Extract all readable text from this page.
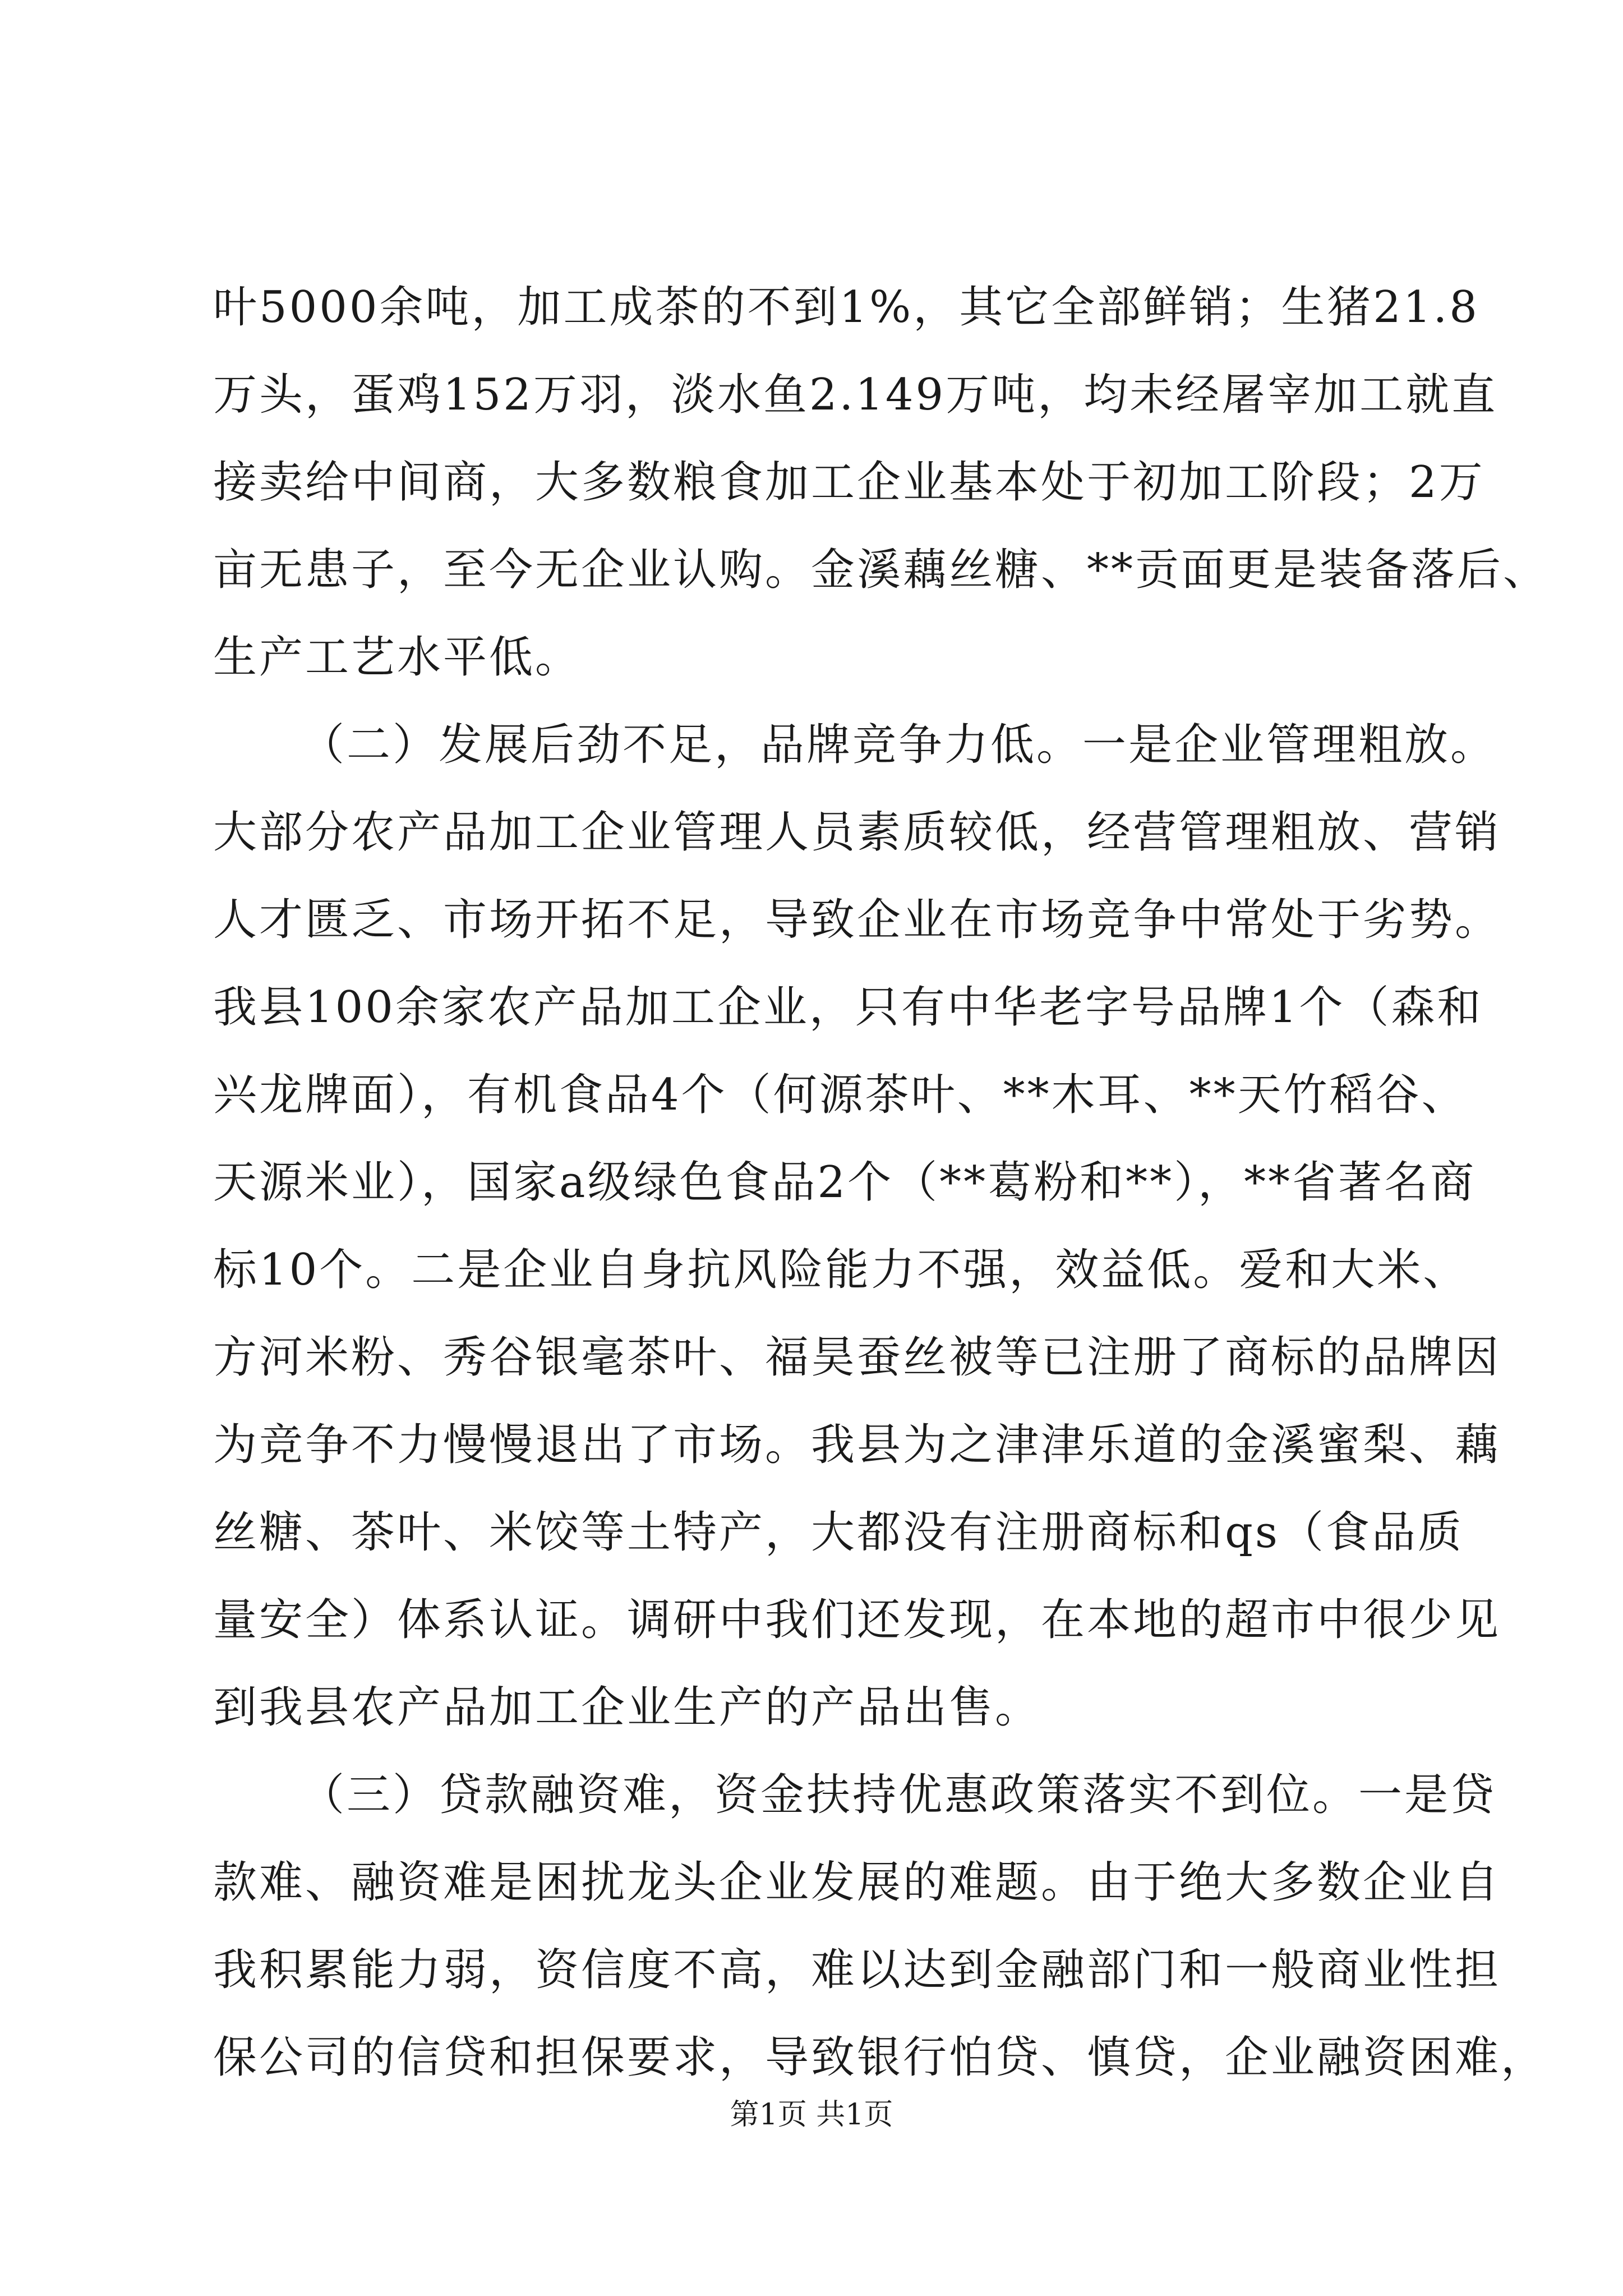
叶5000余吨，加工成茶的不到1%，其它全部鲜销；生猪21.8
万头，蛋鸡152万羽，淡水鱼2.149万吨，均未经屠宰加工就直
接卖给中间商，大多数粮食加工企业基本处于初加工阶段；2万
亩无患子，至今无企业认购。金溪藕丝糖、**贡面更是装备落后、
生产工艺水平低。
（二）发展后劲不足，品牌竞争力低。一是企业管理粗放。
大部分农产品加工企业管理人员素质较低，经营管理粗放、营销
人才匮乏、市场开拓不足，导致企业在市场竞争中常处于劣势。
我县100余家农产品加工企业，只有中华老字号品牌1个（森和
兴龙牌面），有机食品4个（何源茶叶、**木耳、**天竹稻谷、
天源米业），国家a级绿色食品2个（**葛粉和**），**省著名商
标10个。二是企业自身抗风险能力不强，效益低。爱和大米、
方河米粉、秀谷银毫茶叶、福昊蚕丝被等已注册了商标的品牌因
为竞争不力慢慢退出了市场。我县为之津津乐道的金溪蜜梨、藕
丝糖、茶叶、米饺等土特产，大都没有注册商标和qs（食品质
量安全）体系认证。调研中我们还发现，在本地的超市中很少见
到我县农产品加工企业生产的产品出售。
（三）贷款融资难，资金扶持优惠政策落实不到位。一是贷
款难、融资难是困扰龙头企业发展的难题。由于绝大多数企业自
我积累能力弱，资信度不高，难以达到金融部门和一般商业性担
保公司的信贷和担保要求，导致银行怕贷、慎贷，企业融资困难，
第1页 共1页
